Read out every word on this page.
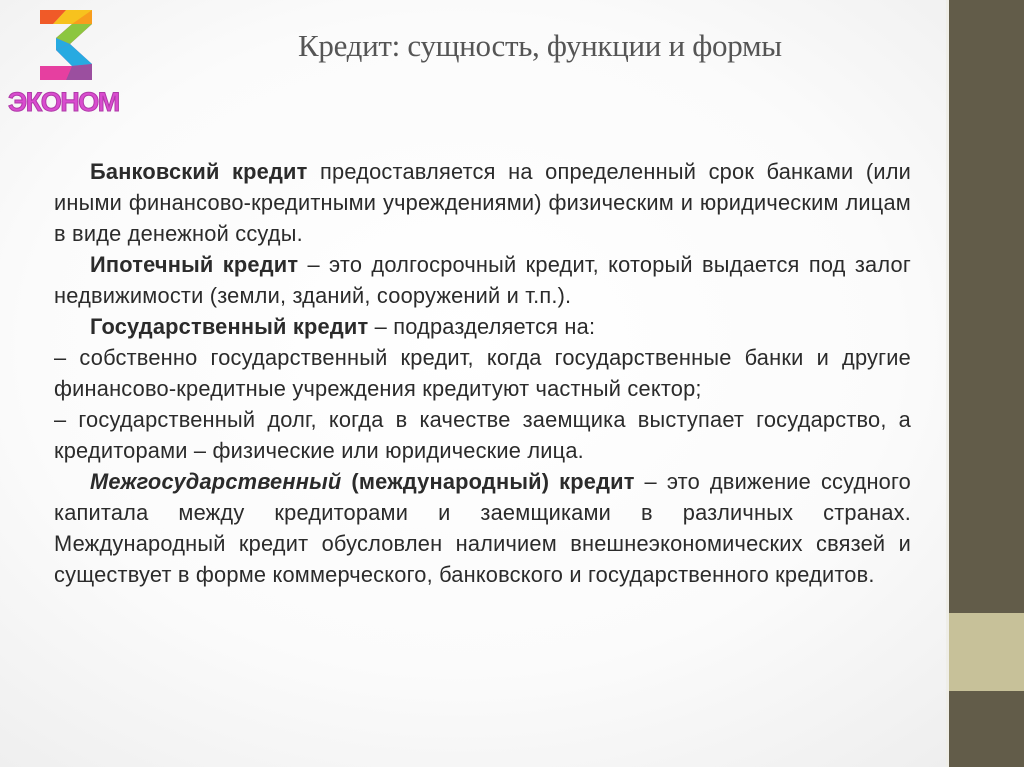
ЭКОНОМ
Кредит: сущность, функции и формы

Банковский кредит предоставляется на определенный срок банками (или иными финансово-кредитными учреждениями) физическим и юридическим лицам в виде денежной ссуды.

Ипотечный кредит – это долгосрочный кредит, который выдается под залог недвижимости (земли, зданий, сооружений и т.п.).

Государственный кредит – подразделяется на:

– собственно государственный кредит, когда государственные банки и другие финансово-кредитные учреждения кредитуют частный сектор;

– государственный долг, когда в качестве заемщика выступает государство, а кредиторами – физические или юридические лица.

Межгосударственный (международный) кредит – это движение ссудного капитала между кредиторами и заемщиками в различных странах. Международный кредит обусловлен наличием внешнеэкономических связей и существует в форме коммерческого, банковского и государственного кредитов.
